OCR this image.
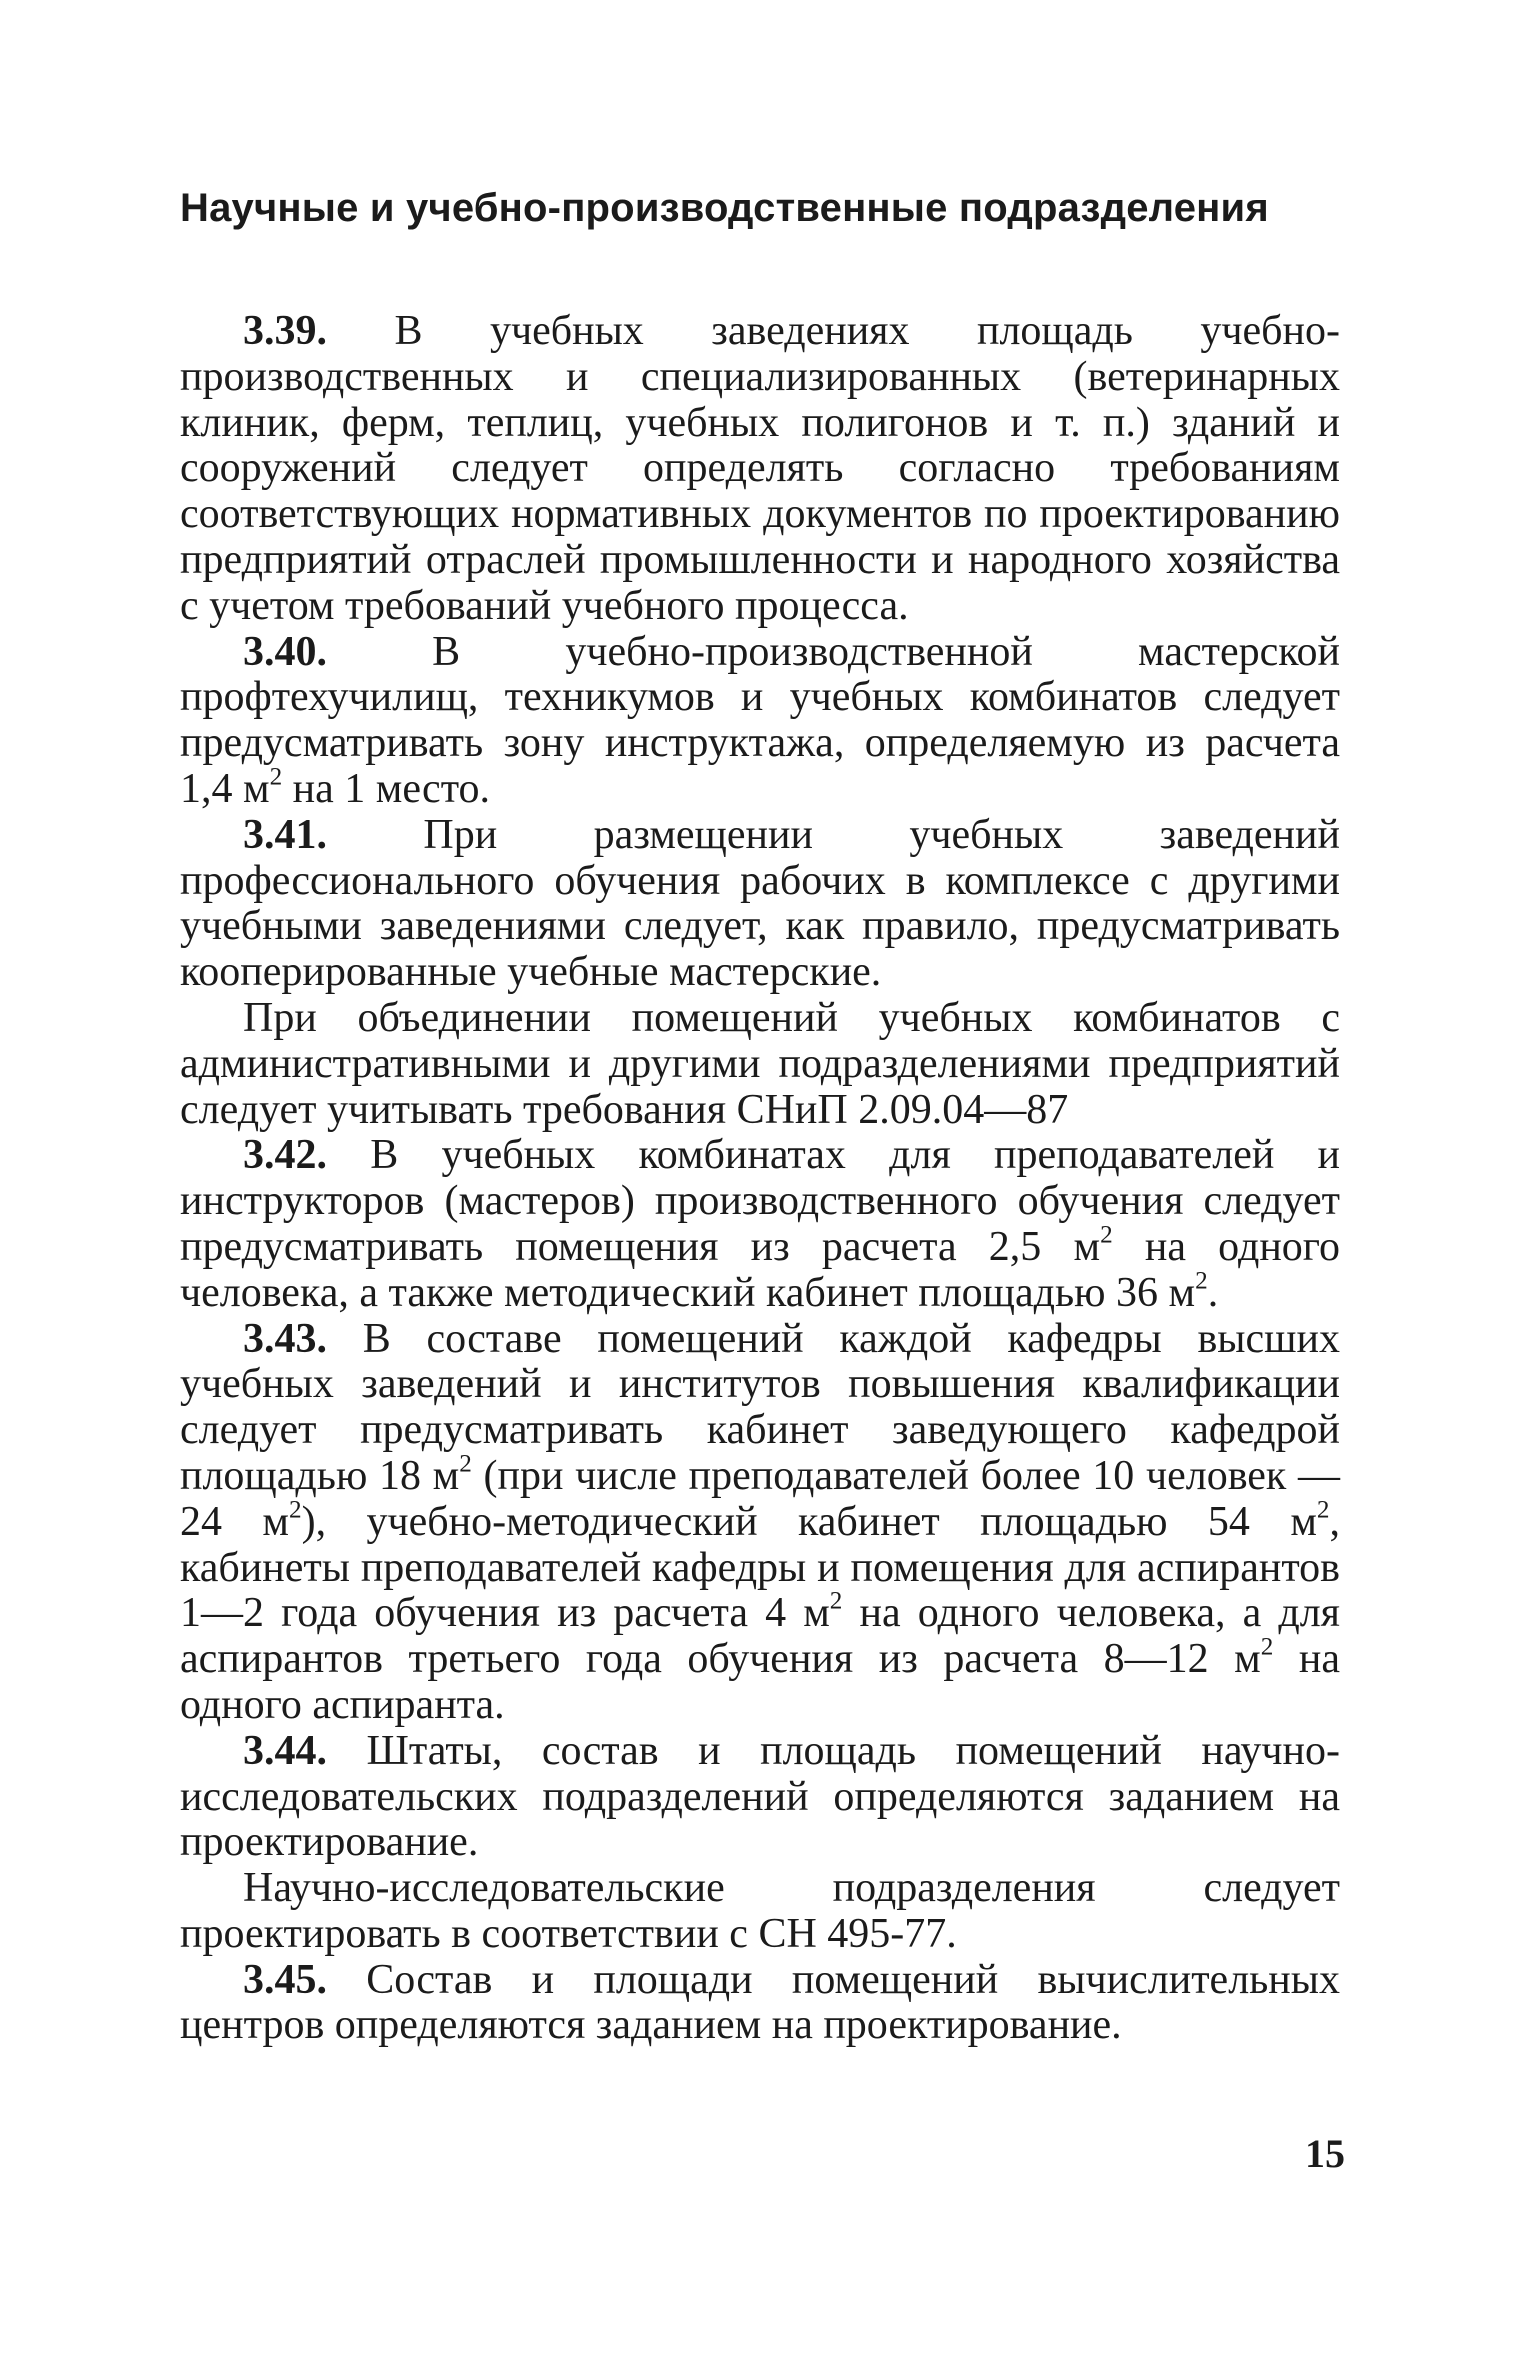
Научные и учебно-производственные подразделения

3.39. В учебных заведениях площадь учебно-производственных и специализированных (ветеринарных клиник, ферм, теплиц, учебных полигонов и т. п.) зданий и сооружений следует определять согласно требованиям соответствующих нормативных документов по проектированию предприятий отраслей промышленности и народного хозяйства с учетом требований учебного процесса.

3.40. В учебно-производственной мастерской профтехучилищ, техникумов и учебных комбинатов следует предусматривать зону инструктажа, определяемую из расчета 1,4 $м^2$ на 1 место.

3.41. При размещении учебных заведений профессионального обучения рабочих в комплексе с другими учебными заведениями следует, как правило, предусматривать кооперированные учебные мастерские.

При объединении помещений учебных комбинатов с административными и другими подразделениями предприятий следует учитывать требования СНиП 2.09.04—87

3.42. В учебных комбинатах для преподавателей и инструкторов (мастеров) производственного обучения следует предусматривать помещения из расчета 2,5 $м^2$ на одного человека, а также методический кабинет площадью 36 $м^2$.

3.43. В составе помещений каждой кафедры высших учебных заведений и институтов повышения квалификации следует предусматривать кабинет заведующего кафедрой площадью 18 $м^2$ (при числе преподавателей более 10 человек — 24 $м^2$), учебно-методический кабинет площадью 54 $м^2$, кабинеты преподавателей кафедры и помещения для аспирантов 1—2 года обучения из расчета 4 $м^2$ на одного человека, а для аспирантов третьего года обучения из расчета 8—12 $м^2$ на одного аспиранта.

3.44. Штаты, состав и площадь помещений научно-исследовательских подразделений определяются заданием на проектирование.

Научно-исследовательские подразделения следует проектировать в соответствии с СН 495-77.

3.45. Состав и площади помещений вычислительных центров определяются заданием на проектирование.

15
